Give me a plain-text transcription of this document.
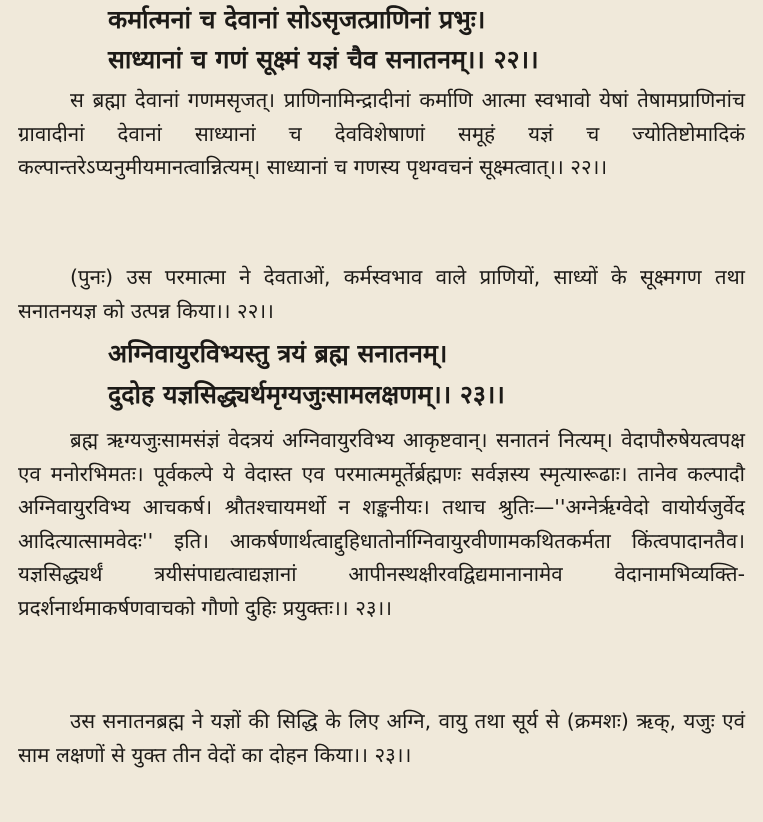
कर्मात्मनां च देवानां सोऽसृजत्प्राणिनां प्रभुः।
साध्यानां च गणं सूक्ष्मं यज्ञं चैव सनातनम्।। २२।।

स ब्रह्मा देवानां गणमसृजत्। प्राणिनामिन्द्रादीनां कर्माणि आत्मा स्वभावो येषां तेषामप्राणिनांच ग्रावादीनां देवानां साध्यानां च देवविशेषाणां समूहं यज्ञं च ज्योतिष्टोमादिकं कल्पान्तरेऽप्यनुमीयमानत्वान्नित्यम्। साध्यानां च गणस्य पृथग्वचनं सूक्ष्मत्वात्।। २२।।

(पुनः) उस परमात्मा ने देवताओं, कर्मस्वभाव वाले प्राणियों, साध्यों के सूक्ष्मगण तथा सनातनयज्ञ को उत्पन्न किया।। २२।।

अग्निवायुरविभ्यस्तु त्रयं ब्रह्म सनातनम्।
दुदोह यज्ञसिद्ध्यर्थमृग्यजुःसामलक्षणम्।। २३।।

ब्रह्म ऋग्यजुःसामसंज्ञं वेदत्रयं अग्निवायुरविभ्य आकृष्टवान्। सनातनं नित्यम्। वेदापौरुषेयत्वपक्ष एव मनोरभिमतः। पूर्वकल्पे ये वेदास्त एव परमात्ममूर्तेर्ब्रह्मणः सर्वज्ञस्य स्मृत्यारूढाः। तानेव कल्पादौ अग्निवायुरविभ्य आचकर्ष। श्रौतश्चायमर्थो न शङ्कनीयः। तथाच श्रुतिः—''अग्नेर्ऋग्वेदो वायोर्यजुर्वेद आदित्यात्सामवेदः'' इति। आकर्षणार्थत्वाद्दुहिधातोर्नाग्निवायुरवीणामकथितकर्मता किंत्वपादानतैव। यज्ञसिद्ध्यर्थं त्रयीसंपाद्यत्वाद्यज्ञानां आपीनस्थक्षीरवद्विद्यमानानामेव वेदानामभिव्यक्ति-प्रदर्शनार्थमाकर्षणवाचको गौणो दुहिः प्रयुक्तः।। २३।।

उस सनातनब्रह्म ने यज्ञों की सिद्धि के लिए अग्नि, वायु तथा सूर्य से (क्रमशः) ऋक्, यजुः एवं साम लक्षणों से युक्त तीन वेदों का दोहन किया।। २३।।
